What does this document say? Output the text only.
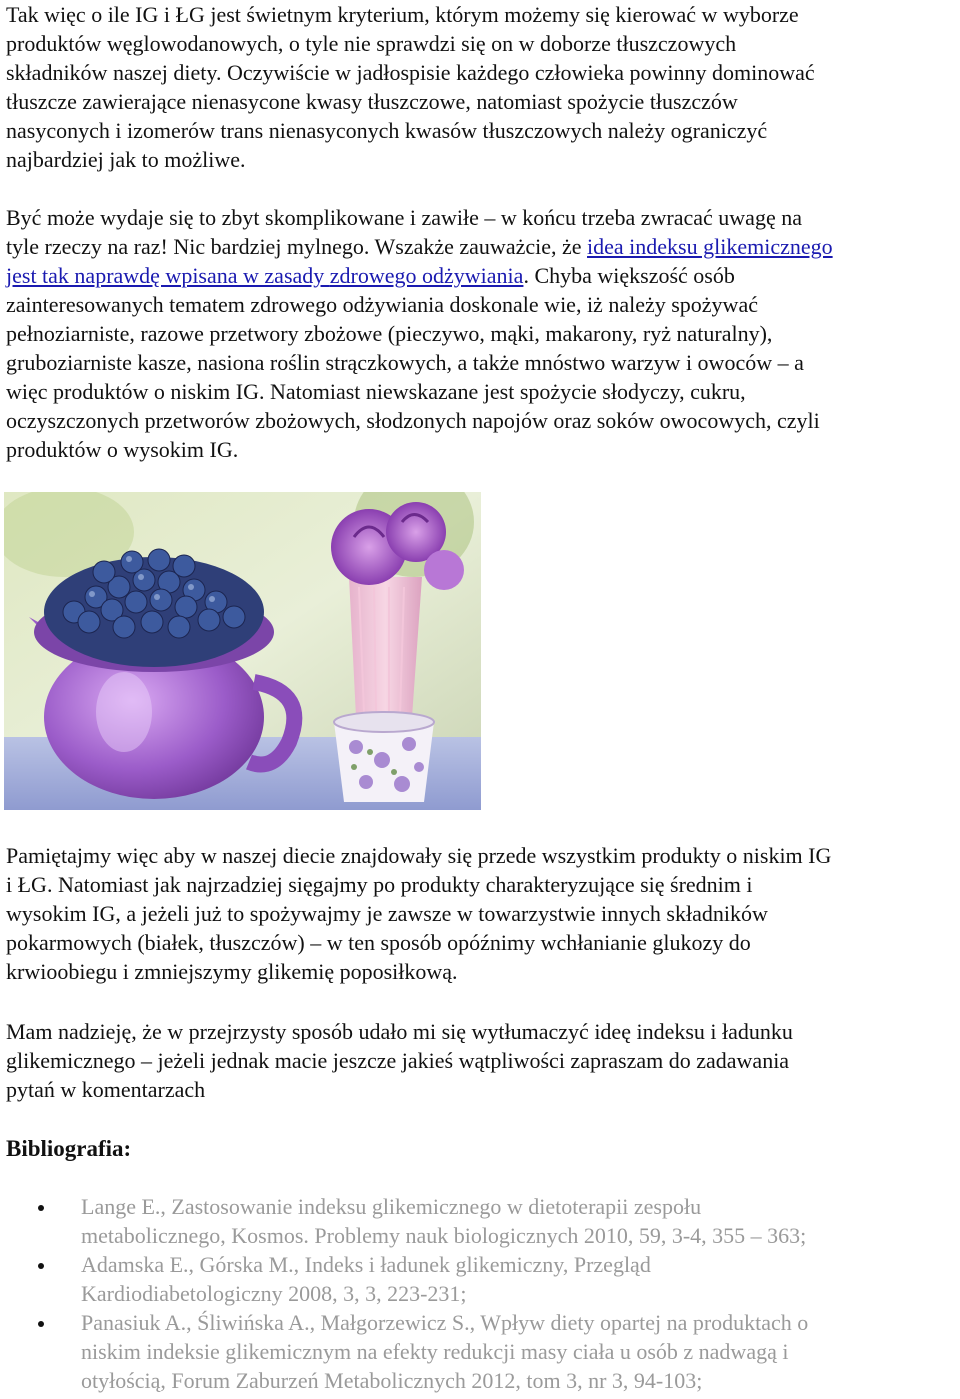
Tak więc o ile IG i ŁG jest świetnym kryterium, którym możemy się kierować w wyborze
produktów węglowodanowych, o tyle nie sprawdzi się on w doborze tłuszczowych
składników naszej diety. Oczywiście w jadłospisie każdego człowieka powinny dominować
tłuszcze zawierające nienasycone kwasy tłuszczowe, natomiast spożycie tłuszczów
nasyconych i izomerów trans nienasyconych kwasów tłuszczowych należy ograniczyć
najbardziej jak to możliwe.

Być może wydaje się to zbyt skomplikowane i zawiłe – w końcu trzeba zwracać uwagę na
tyle rzeczy na raz! Nic bardziej mylnego. Wszakże zauważcie, że idea indeksu glikemicznego
jest tak naprawdę wpisana w zasady zdrowego odżywiania. Chyba większość osób
zainteresowanych tematem zdrowego odżywiania doskonale wie, iż należy spożywać
pełnoziarniste, razowe przetwory zbożowe (pieczywo, mąki, makarony, ryż naturalny),
gruboziarniste kasze, nasiona roślin strączkowych, a także mnóstwo warzyw i owoców – a
więc produktów o niskim IG. Natomiast niewskazane jest spożycie słodyczy, cukru,
oczyszczonych przetworów zbożowych, słodzonych napojów oraz soków owocowych, czyli
produktów o wysokim IG.

Pamiętajmy więc aby w naszej diecie znajdowały się przede wszystkim produkty o niskim IG
i ŁG. Natomiast jak najrzadziej sięgajmy po produkty charakteryzujące się średnim i
wysokim IG, a jeżeli już to spożywajmy je zawsze w towarzystwie innych składników
pokarmowych (białek, tłuszczów) – w ten sposób opóźnimy wchłanianie glukozy do
krwioobiegu i zmniejszymy glikemię poposiłkową.

Mam nadzieję, że w przejrzysty sposób udało mi się wytłumaczyć ideę indeksu i ładunku
glikemicznego – jeżeli jednak macie jeszcze jakieś wątpliwości zapraszam do zadawania
pytań w komentarzach

Bibliografia:
Lange E., Zastosowanie indeksu glikemicznego w dietoterapii zespołu
metabolicznego, Kosmos. Problemy nauk biologicznych 2010, 59, 3-4, 355 – 363;
Adamska E., Górska M., Indeks i ładunek glikemiczny, Przegląd
Kardiodiabetologiczny 2008, 3, 3, 223-231;
Panasiuk A., Śliwińska A., Małgorzewicz S., Wpływ diety opartej na produktach o
niskim indeksie glikemicznym na efekty redukcji masy ciała u osób z nadwagą i
otyłością, Forum Zaburzeń Metabolicznych 2012, tom 3, nr 3, 94-103;
